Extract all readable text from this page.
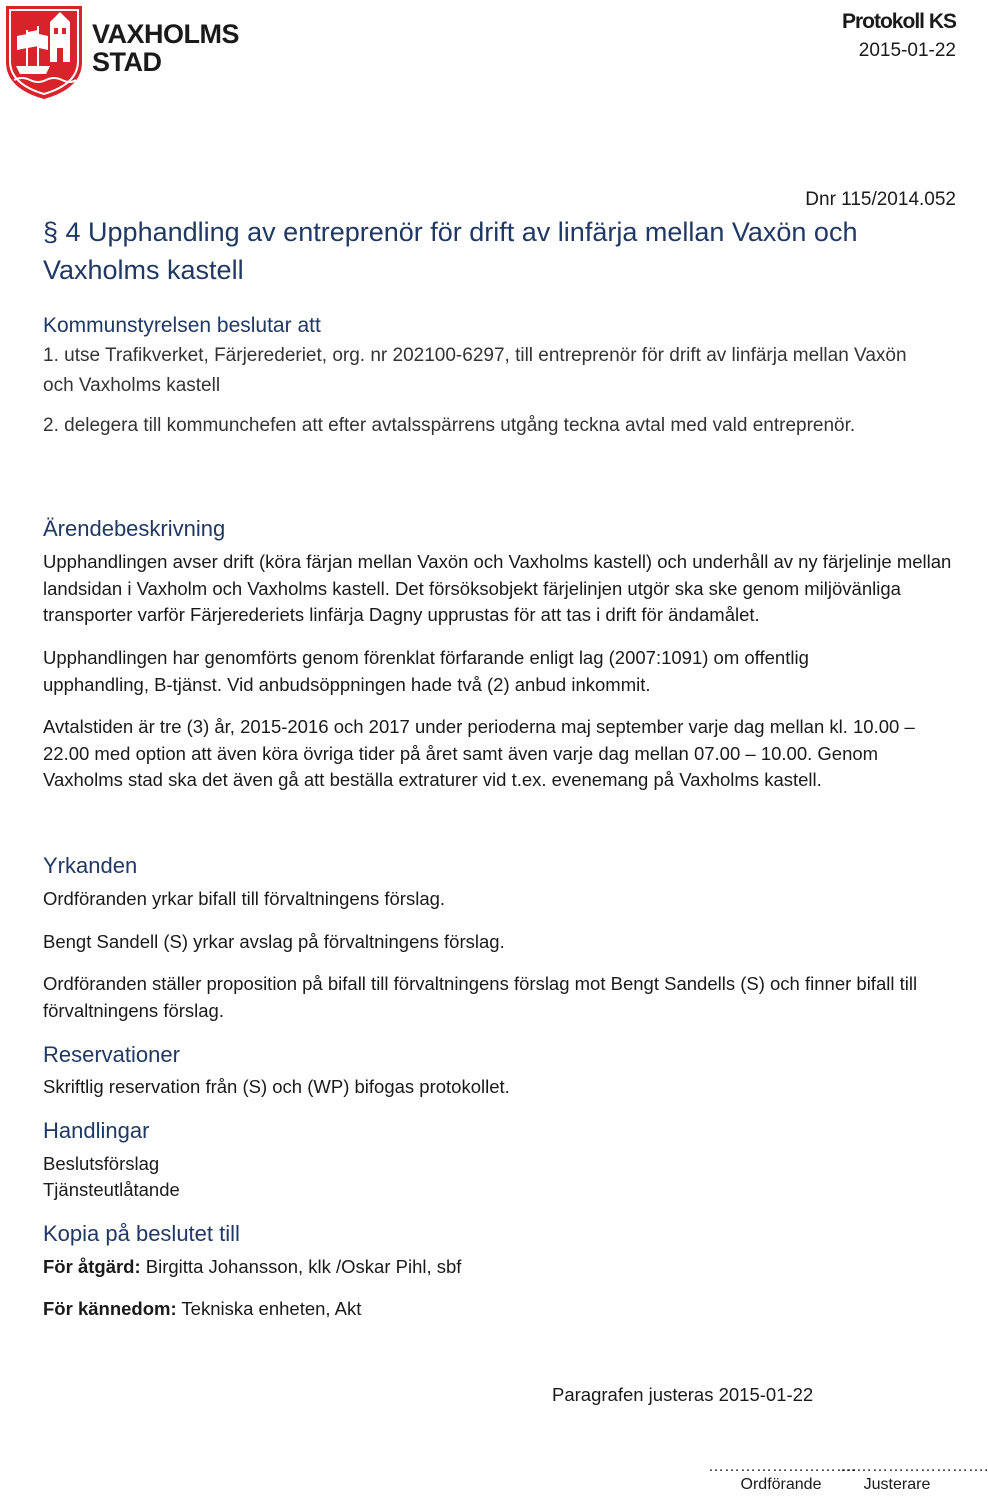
VAXHOLMS
STAD
Protokoll KS
2015-01-22
Dnr 115/2014.052
§ 4 Upphandling av entreprenör för drift av linfärja mellan Vaxön och Vaxholms kastell
Kommunstyrelsen beslutar att
1. utse Trafikverket, Färjerederiet, org. nr 202100-6297, till entreprenör för drift av linfärja mellan Vaxön och Vaxholms kastell
2. delegera till kommunchefen att efter avtalsspärrens utgång teckna avtal med vald entreprenör.
Ärendebeskrivning
Upphandlingen avser drift (köra färjan mellan Vaxön och Vaxholms kastell) och underhåll av ny färjelinje mellan landsidan i Vaxholm och Vaxholms kastell. Det försöksobjekt färjelinjen utgör ska ske genom miljövänliga transporter varför Färjerederiets linfärja Dagny upprustas för att tas i drift för ändamålet.
Upphandlingen har genomförts genom förenklat förfarande enligt lag (2007:1091) om offentlig upphandling, B-tjänst. Vid anbudsöppningen hade två (2) anbud inkommit.
Avtalstiden är tre (3) år, 2015-2016 och 2017 under perioderna maj september varje dag mellan kl. 10.00 – 22.00 med option att även köra övriga tider på året samt även varje dag mellan 07.00 – 10.00. Genom Vaxholms stad ska det även gå att beställa extraturer vid t.ex. evenemang på Vaxholms kastell.
Yrkanden
Ordföranden yrkar bifall till förvaltningens förslag.
Bengt Sandell (S) yrkar avslag på förvaltningens förslag.
Ordföranden ställer proposition på bifall till förvaltningens förslag mot Bengt Sandells (S) och finner bifall till förvaltningens förslag.
Reservationer
Skriftlig reservation från (S) och (WP) bifogas protokollet.
Handlingar
Beslutsförslag
Tjänsteutlåtande
Kopia på beslutet till
För åtgärd: Birgitta Johansson, klk /Oskar Pihl, sbf
För kännedom: Tekniska enheten, Akt
Paragrafen justeras 2015-01-22
……………………….
Ordförande
……………………….
Justerare
